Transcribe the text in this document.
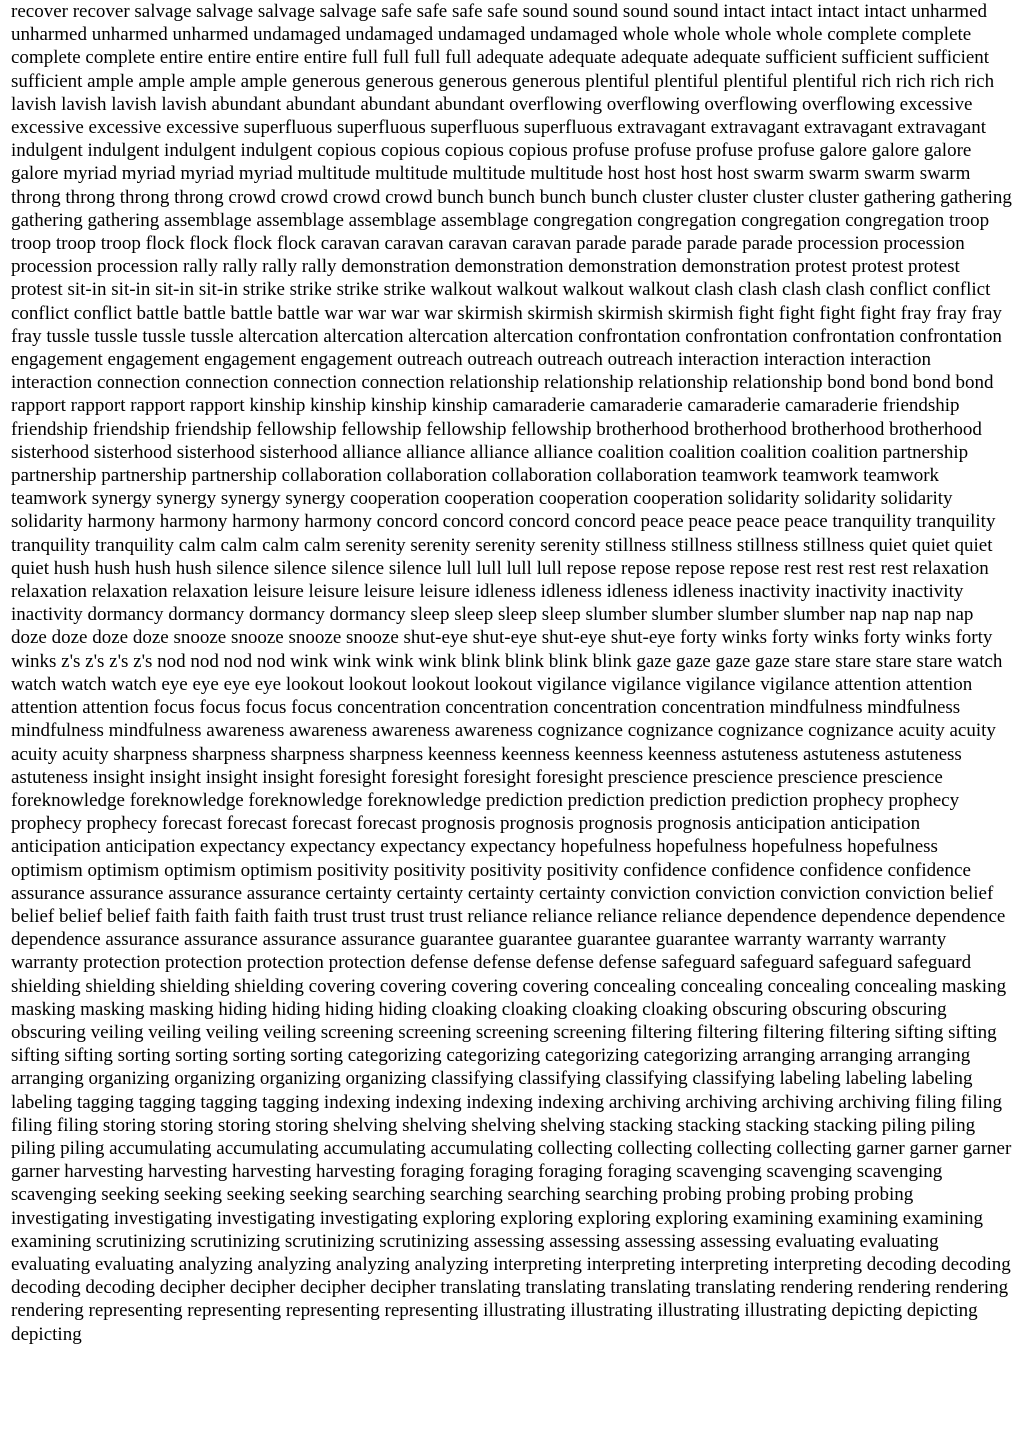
recover recover salvage salvage salvage salvage safe safe safe safe sound sound sound sound intact intact intact intact unharmed unharmed unharmed unharmed undamaged undamaged undamaged undamaged whole whole whole whole complete complete complete complete entire entire entire entire full full full full adequate adequate adequate adequate sufficient sufficient sufficient sufficient ample ample ample ample generous generous generous generous plentiful plentiful plentiful plentiful rich rich rich rich lavish lavish lavish lavish abundant abundant abundant abundant overflowing overflowing overflowing overflowing excessive excessive excessive excessive superfluous superfluous superfluous superfluous extravagant extravagant extravagant extravagant indulgent indulgent indulgent indulgent copious copious copious copious profuse profuse profuse profuse galore galore galore galore myriad myriad myriad myriad multitude multitude multitude multitude host host host host swarm swarm swarm swarm throng throng throng throng crowd crowd crowd crowd bunch bunch bunch bunch cluster cluster cluster cluster gathering gathering gathering gathering assemblage assemblage assemblage assemblage congregation congregation congregation congregation troop troop troop troop flock flock flock flock caravan caravan caravan caravan parade parade parade parade procession procession procession procession rally rally rally rally demonstration demonstration demonstration demonstration protest protest protest protest sit-in sit-in sit-in sit-in strike strike strike strike walkout walkout walkout walkout clash clash clash clash conflict conflict conflict conflict battle battle battle battle war war war war skirmish skirmish skirmish skirmish fight fight fight fight fray fray fray fray tussle tussle tussle tussle altercation altercation altercation altercation confrontation confrontation confrontation confrontation engagement engagement engagement engagement outreach outreach outreach outreach interaction interaction interaction interaction connection connection connection connection relationship relationship relationship relationship bond bond bond bond rapport rapport rapport rapport kinship kinship kinship kinship camaraderie camaraderie camaraderie camaraderie friendship friendship friendship friendship fellowship fellowship fellowship fellowship brotherhood brotherhood brotherhood brotherhood sisterhood sisterhood sisterhood sisterhood alliance alliance alliance alliance coalition coalition coalition coalition partnership partnership partnership partnership collaboration collaboration collaboration collaboration teamwork teamwork teamwork teamwork synergy synergy synergy synergy cooperation cooperation cooperation cooperation solidarity solidarity solidarity solidarity harmony harmony harmony harmony concord concord concord concord peace peace peace peace tranquility tranquility tranquility tranquility calm calm calm calm serenity serenity serenity serenity stillness stillness stillness stillness quiet quiet quiet quiet hush hush hush hush silence silence silence silence lull lull lull lull repose repose repose repose rest rest rest rest relaxation relaxation relaxation relaxation leisure leisure leisure leisure idleness idleness idleness idleness inactivity inactivity inactivity inactivity dormancy dormancy dormancy dormancy sleep sleep sleep sleep slumber slumber slumber slumber nap nap nap nap doze doze doze doze snooze snooze snooze snooze shut-eye shut-eye shut-eye shut-eye forty winks forty winks forty winks forty winks z's z's z's z's nod nod nod nod wink wink wink wink blink blink blink blink gaze gaze gaze gaze stare stare stare stare watch watch watch watch eye eye eye eye lookout lookout lookout lookout vigilance vigilance vigilance vigilance attention attention attention attention focus focus focus focus concentration concentration concentration concentration mindfulness mindfulness mindfulness mindfulness awareness awareness awareness awareness cognizance cognizance cognizance cognizance acuity acuity acuity acuity sharpness sharpness sharpness sharpness keenness keenness keenness keenness astuteness astuteness astuteness astuteness insight insight insight insight foresight foresight foresight foresight prescience prescience prescience prescience foreknowledge foreknowledge foreknowledge foreknowledge prediction prediction prediction prediction prophecy prophecy prophecy prophecy forecast forecast forecast forecast prognosis prognosis prognosis prognosis anticipation anticipation anticipation anticipation expectancy expectancy expectancy expectancy hopefulness hopefulness hopefulness hopefulness optimism optimism optimism optimism positivity positivity positivity positivity confidence confidence confidence confidence assurance assurance assurance assurance certainty certainty certainty certainty conviction conviction conviction conviction belief belief belief belief faith faith faith faith trust trust trust trust reliance reliance reliance reliance dependence dependence dependence dependence assurance assurance assurance assurance guarantee guarantee guarantee guarantee warranty warranty warranty warranty protection protection protection protection defense defense defense defense safeguard safeguard safeguard safeguard shielding shielding shielding shielding covering covering covering covering concealing concealing concealing concealing masking masking masking masking hiding hiding hiding hiding cloaking cloaking cloaking cloaking obscuring obscuring obscuring obscuring veiling veiling veiling veiling screening screening screening screening filtering filtering filtering filtering sifting sifting sifting sifting sorting sorting sorting sorting categorizing categorizing categorizing categorizing arranging arranging arranging arranging organizing organizing organizing organizing classifying classifying classifying classifying labeling labeling labeling labeling tagging tagging tagging tagging indexing indexing indexing indexing archiving archiving archiving archiving filing filing filing filing storing storing storing storing shelving shelving shelving shelving stacking stacking stacking stacking piling piling piling piling accumulating accumulating accumulating accumulating collecting collecting collecting collecting garner garner garner garner harvesting harvesting harvesting harvesting foraging foraging foraging foraging scavenging scavenging scavenging scavenging seeking seeking seeking seeking searching searching searching searching probing probing probing probing investigating investigating investigating investigating exploring exploring exploring exploring examining examining examining examining scrutinizing scrutinizing scrutinizing scrutinizing assessing assessing assessing assessing evaluating evaluating evaluating evaluating analyzing analyzing analyzing analyzing interpreting interpreting interpreting interpreting decoding decoding decoding decoding decipher decipher decipher decipher translating translating translating translating rendering rendering rendering rendering representing representing representing representing illustrating illustrating illustrating illustrating depicting depicting depicting
